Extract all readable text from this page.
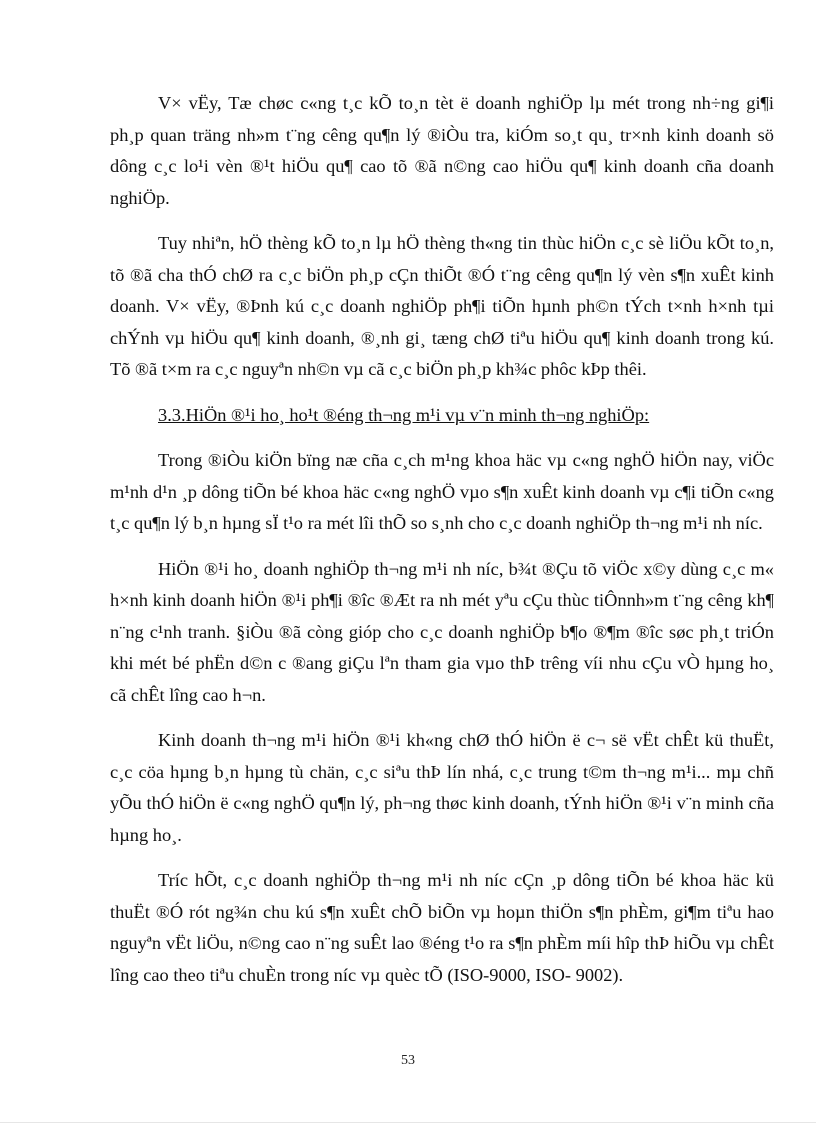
V× vËy, Tæ chøc c«ng t¸c kÕ to¸n tèt ë doanh nghiÖp lµ mét trong nh÷ng gi¶i ph¸p quan träng nh»m t¨ng cêng qu¶n lý ®iÒu tra, kiÓm so¸t qu¸ tr×nh kinh doanh sö dông c¸c lo¹i vèn ®¹t hiÖu qu¶ cao tõ ®ã n©ng cao hiÖu qu¶ kinh doanh cña doanh nghiÖp.

Tuy nhiªn, hÖ thèng kÕ to¸n lµ hÖ thèng th«ng tin thùc hiÖn c¸c sè liÖu kÕt to¸n, tõ ®ã cha thÓ chØ ra c¸c biÖn ph¸p cÇn thiÕt ®Ó t¨ng cêng qu¶n lý vèn s¶n xuÊt kinh doanh. V× vËy, ®Þnh kú c¸c doanh nghiÖp ph¶i tiÕn hµnh ph©n tÝch t×nh h×nh tµi chÝnh vµ hiÖu qu¶ kinh doanh, ®¸nh gi¸ tæng chØ tiªu hiÖu qu¶ kinh doanh trong kú. Tõ ®ã t×m ra c¸c nguyªn nh©n vµ cã c¸c biÖn ph¸p kh¾c phôc kÞp thêi.

3.3.HiÖn ®¹i ho¸ ho¹t ®éng th¬ng m¹i vµ v¨n minh th¬ng nghiÖp:

Trong ®iÒu kiÖn bïng næ cña c¸ch m¹ng khoa häc vµ c«ng nghÖ hiÖn nay, viÖc m¹nh d¹n ¸p dông tiÕn bé khoa häc c«ng nghÖ vµo s¶n xuÊt kinh doanh vµ c¶i tiÕn c«ng t¸c qu¶n lý b¸n hµng sÏ t¹o ra mét lîi thÕ so s¸nh cho c¸c doanh nghiÖp th¬ng m¹i nh níc.

HiÖn ®¹i ho¸ doanh nghiÖp th¬ng m¹i nh níc, b¾t ®Çu tõ viÖc x©y dùng c¸c m« h×nh kinh doanh hiÖn ®¹i ph¶i ®îc ®Æt ra nh mét yªu cÇu thùc tiÔnnh»m t¨ng cêng kh¶ n¨ng c¹nh tranh. §iÒu ®ã còng gióp cho c¸c doanh nghiÖp b¶o ®¶m ®îc søc ph¸t triÓn khi mét bé phËn d©n c ®ang giÇu lªn tham gia vµo thÞ trêng víi nhu cÇu vÒ hµng ho¸ cã chÊt lîng cao h¬n.

Kinh doanh th¬ng m¹i hiÖn ®¹i kh«ng chØ thÓ hiÖn ë c¬ së vËt chÊt kü thuËt, c¸c cöa hµng b¸n hµng tù chän, c¸c siªu thÞ lín nhá, c¸c trung t©m th¬ng m¹i... mµ chñ yÕu thÓ hiÖn ë c«ng nghÖ qu¶n lý, ph¬ng thøc kinh doanh, tÝnh hiÖn ®¹i v¨n minh cña hµng ho¸.

Tríc hÕt, c¸c doanh nghiÖp th¬ng m¹i nh níc cÇn ¸p dông tiÕn bé khoa häc kü thuËt ®Ó rót ng¾n chu kú s¶n xuÊt chÕ biÕn vµ hoµn thiÖn s¶n phÈm, gi¶m tiªu hao nguyªn vËt liÖu, n©ng cao n¨ng suÊt lao ®éng t¹o ra s¶n phÈm míi hîp thÞ hiÕu vµ chÊt lîng cao theo tiªu chuÈn trong níc vµ quèc tÕ (ISO-9000, ISO- 9002).

53
